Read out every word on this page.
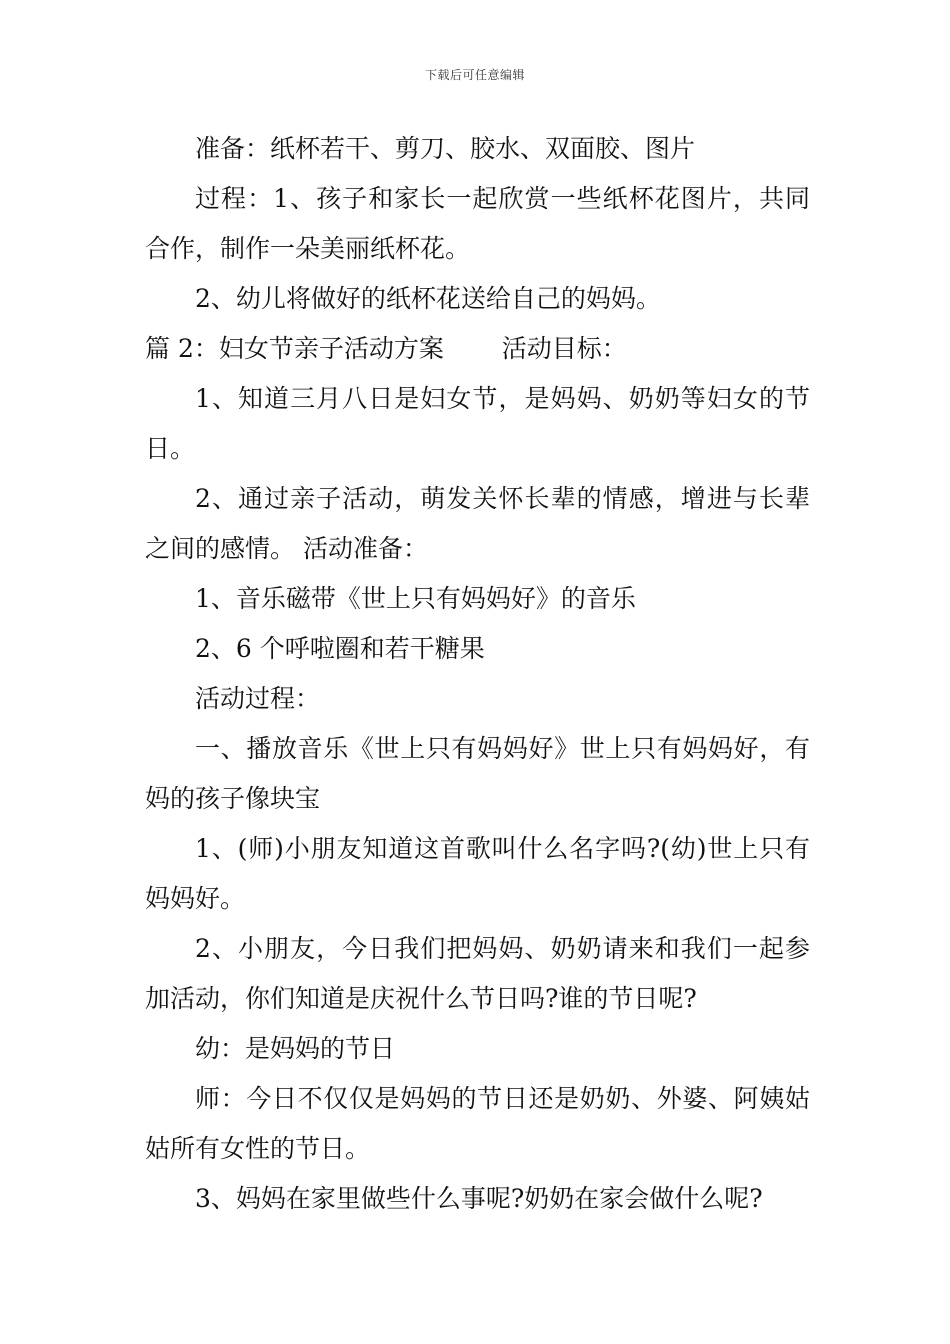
下载后可任意编辑

准备：纸杯若干、剪刀、胶水、双面胶、图片

过程：1、孩子和家长一起欣赏一些纸杯花图片，共同合作，制作一朵美丽纸杯花。

2、幼儿将做好的纸杯花送给自己的妈妈。

篇 2：妇女节亲子活动方案　　 活动目标：

1、知道三月八日是妇女节，是妈妈、奶奶等妇女的节日。

2、通过亲子活动，萌发关怀长辈的情感，增进与长辈之间的感情。 活动准备：

1、音乐磁带《世上只有妈妈好》的音乐

2、6 个呼啦圈和若干糖果

活动过程：

一、播放音乐《世上只有妈妈好》世上只有妈妈好，有妈的孩子像块宝

1、(师)小朋友知道这首歌叫什么名字吗?(幼)世上只有妈妈好。

2、小朋友，今日我们把妈妈、奶奶请来和我们一起参加活动，你们知道是庆祝什么节日吗?谁的节日呢?

幼：是妈妈的节日

师：今日不仅仅是妈妈的节日还是奶奶、外婆、阿姨姑姑所有女性的节日。

3、妈妈在家里做些什么事呢?奶奶在家会做什么呢?
